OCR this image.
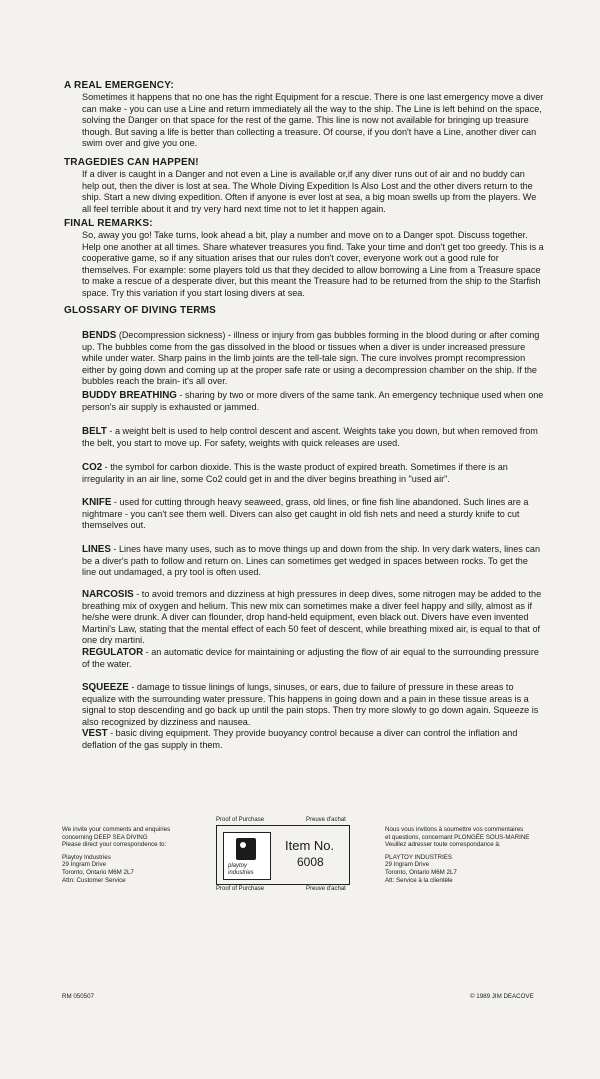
A REAL EMERGENCY:
Sometimes it happens that no one has the right Equipment for a rescue. There is one last emergency move a diver can make - you can use a Line and return immediately all the way to the ship. The Line is left behind on the space, solving the Danger on that space for the rest of the game. This line is now not available for bringing up treasure though. But saving a life is better than collecting a treasure. Of course, if you don't have a Line, another diver can swim over and give you one.
TRAGEDIES CAN HAPPEN!
If a diver is caught in a Danger and not even a Line is available or,if any diver runs out of air and no buddy can help out, then the diver is lost at sea. The Whole Diving Expedition Is Also Lost and the other divers return to the ship. Start a new diving expedition. Often if anyone is ever lost at sea, a big moan swells up from the players. We all feel terrible about it and try very hard next time not to let it happen again.
FINAL REMARKS:
So, away you go! Take turns, look ahead a bit, play a number and move on to a Danger spot. Discuss together. Help one another at all times. Share whatever treasures you find. Take your time and don't get too greedy. This is a cooperative game, so if any situation arises that our rules don't cover, everyone work out a good rule for themselves. For example: some players told us that they decided to allow borrowing a Line from a Treasure space to make a rescue of a desperate diver, but this meant the Treasure had to be returned from the ship to the Starfish space. Try this variation if you start losing divers at sea.
GLOSSARY OF DIVING TERMS
BENDS (Decompression sickness) - illness or injury from gas bubbles forming in the blood during or after coming up. The bubbles come from the gas dissolved in the blood or tissues when a diver is under increased pressure while under water. Sharp pains in the limb joints are the tell-tale sign. The cure involves prompt recompression either by going down and coming up at the proper safe rate or using a decompression chamber on the ship. If the bubbles reach the brain- it's all over.
BUDDY BREATHING - sharing by two or more divers of the same tank. An emergency technique used when one person's air supply is exhausted or jammed.
BELT - a weight belt is used to help control descent and ascent. Weights take you down, but when removed from the belt, you start to move up. For safety, weights with quick releases are used.
CO2 - the symbol for carbon dioxide. This is the waste product of expired breath. Sometimes if there is an irregularity in an air line, some Co2 could get in and the diver begins breathing in "used air".
KNIFE - used for cutting through heavy seaweed, grass, old lines, or fine fish line abandoned. Such lines are a nightmare - you can't see them well. Divers can also get caught in old fish nets and need a sturdy knife to cut themselves out.
LINES - Lines have many uses, such as to move things up and down from the ship. In very dark waters, lines can be a diver's path to follow and return on. Lines can sometimes get wedged in spaces between rocks. To get the line out undamaged, a pry tool is often used.
NARCOSIS - to avoid tremors and dizziness at high pressures in deep dives, some nitrogen may be added to the breathing mix of oxygen and helium. This new mix can sometimes make a diver feel happy and silly, almost as if he/she were drunk. A diver can flounder, drop hand-held equipment, even black out. Divers have even invented Martini's Law, stating that the mental effect of each 50 feet of descent, while breathing mixed air, is equal to that of one dry martini.
REGULATOR - an automatic device for maintaining or adjusting the flow of air equal to the surrounding pressure of the water.
SQUEEZE - damage to tissue linings of lungs, sinuses, or ears, due to failure of pressure in these areas to equalize with the surrounding water pressure. This happens in going down and a pain in these tissue areas is a signal to stop descending and go back up until the pain stops. Then try more slowly to go down again. Squeeze is also recognized by dizziness and nausea.
VEST - basic diving equipment. They provide buoyancy control because a diver can control the inflation and deflation of the gas supply in them.
We invite your comments and enquiries
concerning DEEP SEA DIVING
Please direct your correspondence to:
Playtoy Industries
29 Ingram Drive
Toronto, Ontario M6M 2L7
Attn: Customer Service
Proof of Purchase	Preuve d'achat
playtoy industries
Item No.
6008
Proof of Purchase	Preuve d'achat
Nous vous invitons à soumettre vos commentaires
et questions, concernant PLONGÉE SOUS-MARINE
Veuillez adresser toute correspondance à:
PLAYTOY INDUSTRIES
29 Ingram Drive
Toronto, Ontario M6M 2L7
Att: Service à la clientèle
RM 050507	© 1989 JIM DEACOVE
